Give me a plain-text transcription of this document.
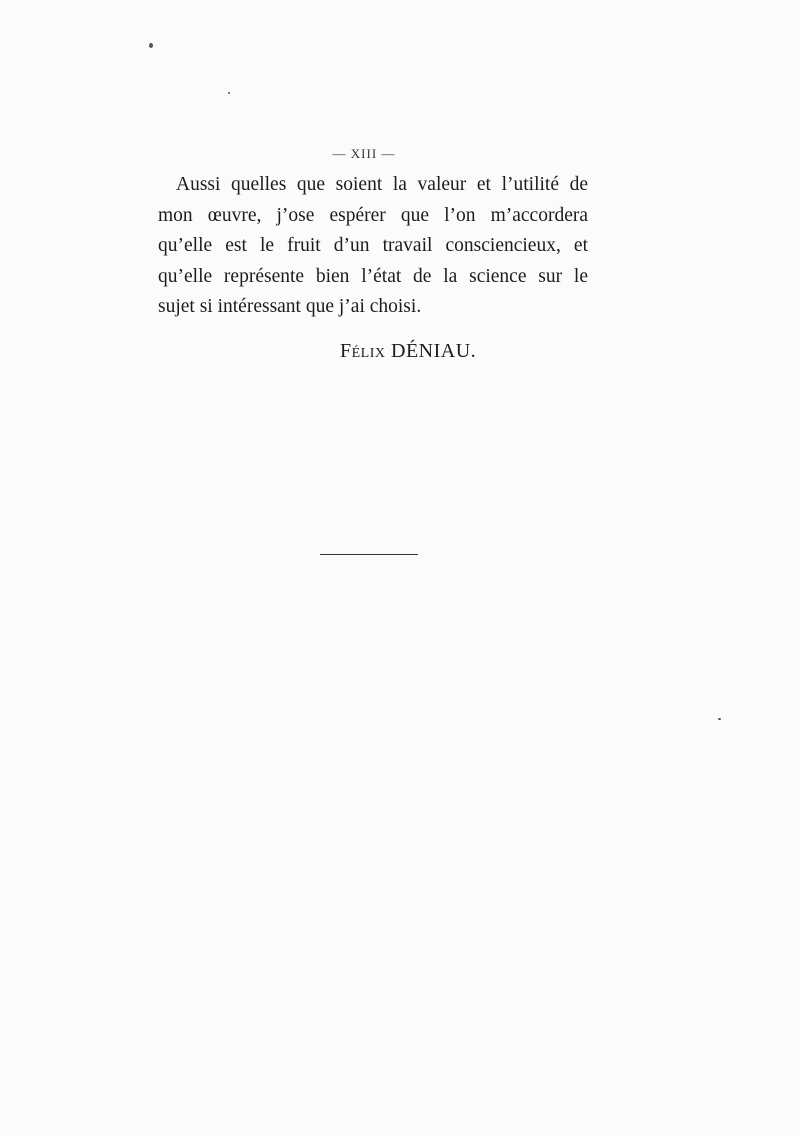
— XIII —
Aussi quelles que soient la valeur et l’utilité de
mon œuvre, j’ose espérer que l’on m’accordera
qu’elle est le fruit d’un travail consciencieux, et
qu’elle représente bien l’état de la science sur le
sujet si intéressant que j’ai choisi.
Félix DÉNIAU.
